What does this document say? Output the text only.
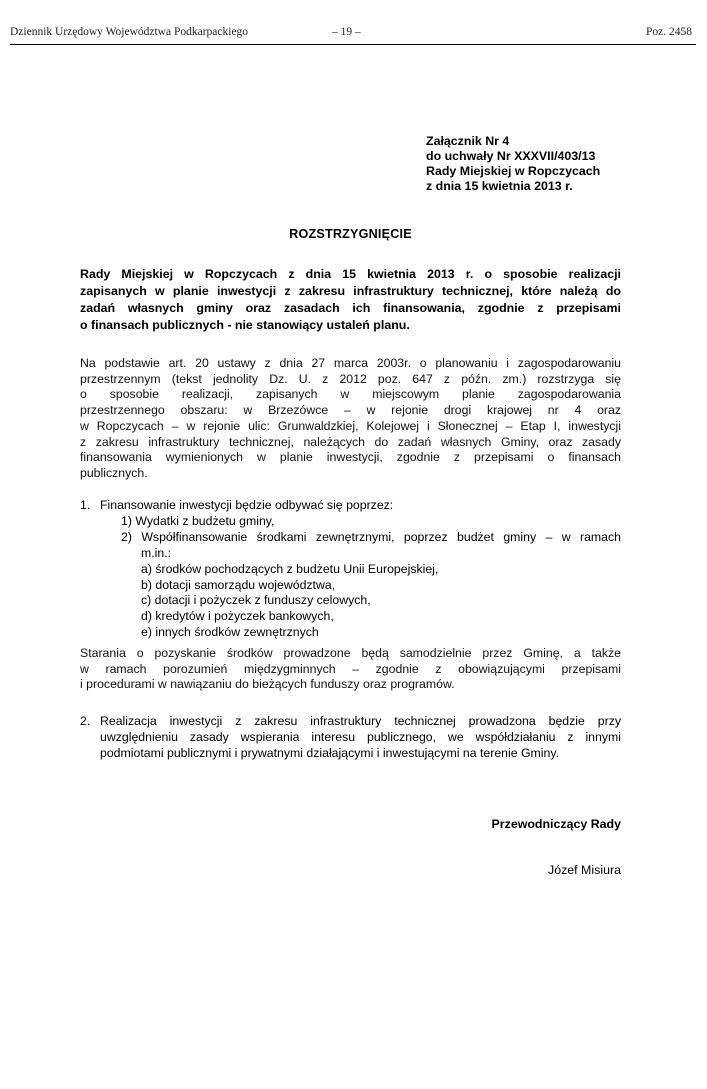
Dziennik Urzędowy Województwa Podkarpackiego	– 19 –	Poz. 2458
Załącznik Nr 4
do uchwały Nr XXXVII/403/13
Rady Miejskiej w Ropczycach
z dnia 15 kwietnia 2013 r.
ROZSTRZYGNIĘCIE
Rady Miejskiej w Ropczycach z dnia 15 kwietnia 2013 r. o sposobie realizacji
zapisanych w planie inwestycji z zakresu infrastruktury technicznej, które należą do
zadań własnych gminy oraz zasadach ich finansowania, zgodnie z przepisami
o finansach publicznych - nie stanowiący ustaleń planu.
Na podstawie art. 20 ustawy z dnia 27 marca 2003r. o planowaniu i zagospodarowaniu
przestrzennym (tekst jednolity Dz. U. z 2012 poz. 647 z późn. zm.) rozstrzyga się
o sposobie realizacji, zapisanych w miejscowym planie zagospodarowania
przestrzennego obszaru: w Brzezówce – w rejonie drogi krajowej nr 4 oraz
w Ropczycach – w rejonie ulic: Grunwaldzkiej, Kolejowej i Słonecznej – Etap I, inwestycji
z zakresu infrastruktury technicznej, należących do zadań własnych Gminy, oraz zasady
finansowania wymienionych w planie inwestycji, zgodnie z przepisami o finansach
publicznych.
1. Finansowanie inwestycji będzie odbywać się poprzez:
1) Wydatki z budżetu gminy,
2) Współfinansowanie środkami zewnętrznymi, poprzez budżet gminy – w ramach
m.in.:
a) środków pochodzących z budżetu Unii Europejskiej,
b) dotacji samorządu województwa,
c) dotacji i pożyczek z funduszy celowych,
d) kredytów i pożyczek bankowych,
e) innych środków zewnętrznych
Starania o pozyskanie środków prowadzone będą samodzielnie przez Gminę, a także
w ramach porozumień międzygminnych – zgodnie z obowiązującymi przepisami
i procedurami w nawiązaniu do bieżących funduszy oraz programów.
2. Realizacja inwestycji z zakresu infrastruktury technicznej prowadzona będzie przy
uwzględnieniu zasady wspierania interesu publicznego, we współdziałaniu z innymi
podmiotami publicznymi i prywatnymi działającymi i inwestującymi na terenie Gminy.
Przewodniczący Rady
Józef Misiura
